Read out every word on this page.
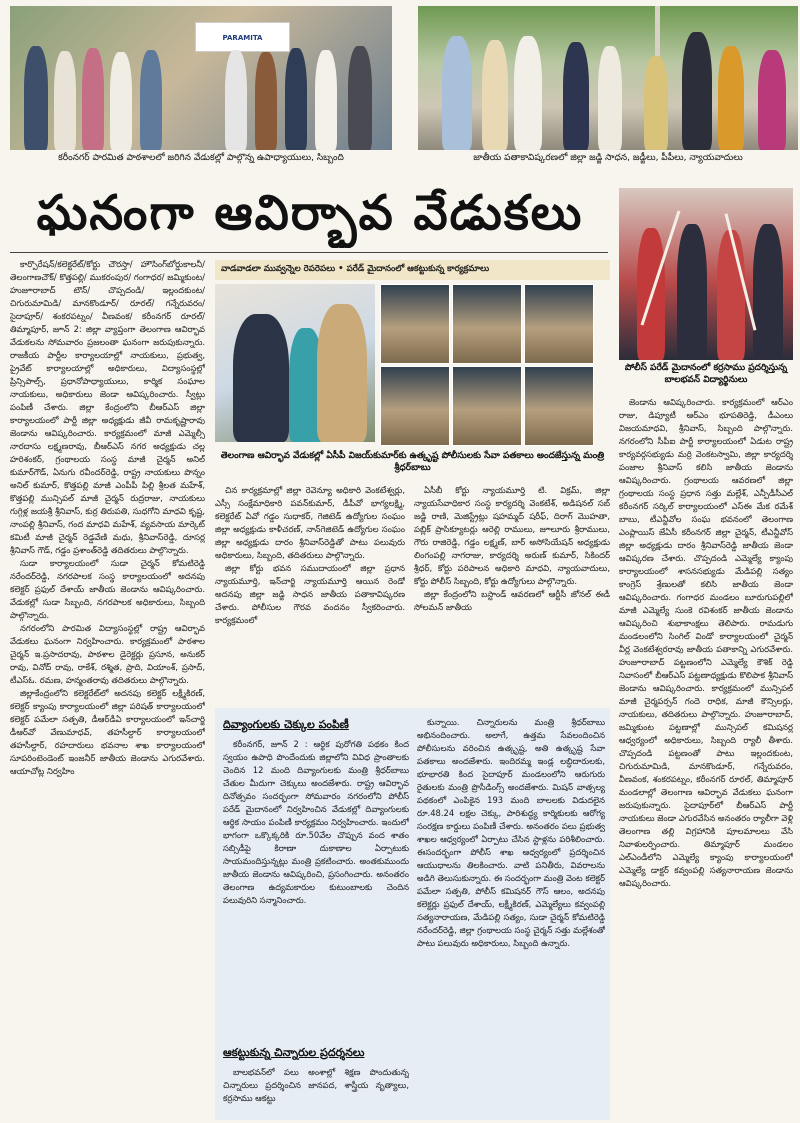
PARAMITA
కరీంనగర్ పారమిత పాఠశాలలో జరిగిన వేడుకల్లో పాల్గొన్న ఉపాధ్యాయులు, సిబ్బంది	జాతీయ పతాకావిష్కరణలో జిల్లా జడ్జి సాధన, జడ్జీలు, పీపీలు, న్యాయవాదులు
ఘనంగా ఆవిర్భావ వేడుకలు
పోలీస్ పరేడ్ మైదానంలో కర్రసాము ప్రదర్శిస్తున్న బాలభవన్ విద్యార్థినులు

కార్పొరేషన్/కలెక్టరేట్/కోర్టు చౌరస్తా/ హౌసింగ్‌బోర్డుకాలనీ/ తెలంగాణచౌక్/ కొత్తపల్లి/ ముకరంపుర/ గంగాధర/ జమ్మికుంట/ హుజూరాబాద్ టౌన్/ చొప్పదండి/ ఇల్లందకుంట/ చిగురుమామిడి/ మానకొండూర్/ రూరల్/ గన్నేరువరం/ సైదాపూర్/ శంకరపట్నం/ వీణవంక/ కరీంనగర్ రూరల్/ తిమ్మాపూర్, జూన్ 2: జిల్లా వ్యాప్తంగా తెలంగాణ ఆవిర్భావ వేడుకలను సోమవారం ప్రజలంతా ఘనంగా జరుపుకున్నారు. రాజకీయ పార్టీల కార్యాలయాల్లో నాయకులు, ప్రభుత్వ, ప్రైవేట్ కార్యాలయాల్లో అధికారులు, విద్యాసంస్థల్లో ప్రిన్సిపాల్స్, ప్రధానోపాధ్యాయులు, కార్మిక సంఘాల నాయకులు, అధికారులు జెండా ఆవిష్కరించారు. స్వీట్లు పంపిణీ చేశారు. జిల్లా కేంద్రంలోని బీఆర్ఎస్ జిల్లా కార్యాలయంలో పార్టీ జిల్లా అధ్యక్షుడు జీవీ రామకృష్ణారావు జెండాను ఆవిష్కరించారు. కార్యక్రమంలో మాజీ ఎమ్మెల్సీ నారదాసు లక్ష్మణరావు, బీఆర్ఎస్ నగర అధ్యక్షుడు చల్ల హరిశంకర్, గ్రంథాలయ సంస్థ మాజీ చైర్మన్ అనిల్ కుమార్‌గౌడ్, ఏనుగు రవీందర్‌రెడ్డి, రాష్ట్ర నాయకులు పొన్నం అనిల్ కుమార్, కొత్తపల్లి మాజీ ఎంపీపీ పిల్లి శ్రీలత మహేశ్, కొత్తపల్లి మున్సిపల్ మాజీ చైర్మన్ రుద్రరాజు, నాయకులు గుగ్గిళ్ల జయశ్రీ శ్రీనివాస్, కుర్ర తిరుపతి, సుధగోని మాధవి కృష్ణ, నాంపల్లి శ్రీనివాస్, గంద మాధవి మహేశ్, వ్యవసాయ మార్కెట్ కమిటీ మాజీ చైర్మన్ రెడ్డవేణి మధు, శ్రీనివాస్‌రెడ్డి, దూసర్ల శ్రీనివాస్ గౌడ్, గడ్డం ప్రశాంత్‌రెడ్డి తదితరులు పాల్గొన్నారు.

సుడా కార్యాలయంలో సుడా చైర్మన్ కోమటిరెడ్డి నరేందర్‌రెడ్డి, నగరపాలక సంస్థ కార్యాలయంలో అదనపు కలెక్టర్ ప్రఫుల్ దేశాయ్ జాతీయ జెండాను ఆవిష్కరించారు. వేడుకల్లో సుడా సిబ్బంది, నగరపాలక అధికారులు, సిబ్బంది పాల్గొన్నారు.

నగరంలోని పారమిత విద్యాసంస్థల్లో రాష్ట్ర ఆవిర్భావ వేడుకలు ఘనంగా నిర్వహించారు. కార్యక్రమంలో పాఠశాల చైర్మన్ ఇ.ప్రసాదరావు, పాఠశాల డైరెక్టర్లు ప్రసూన, అనుకర్ రావు, వినోద్ రావు, రాకేశ్, రశ్మిత, ప్రాది, వియాంశ్, ప్రసాద్, టీఎస్ఓ. రమణ, హన్మంతరావు తదితరులు పాల్గొన్నారు.

జిల్లాకేంద్రంలోని కలెక్టరేట్‌లో అదనపు కలెక్టర్ లక్ష్మీకిరణ్, కలెక్టర్ క్యాంపు కార్యాలయంలో జిల్లా పరిషత్ కార్యాలయంలో కలెక్టర్ పమేలా సత్పతి, డీఆర్‌డీఏ కార్యాలయంలో ఇన్‌చార్జి డీఆర్‌వో వేణుమాధవ్, తహసీల్దార్ కార్యాలయంలో తహసీల్దార్, రహదారులు భవనాల శాఖ కార్యాలయంలో సూపరింటెండెంట్ ఇంజనీర్ జాతీయ జెండాను ఎగురవేశారు. ఆయాచోట్ల నిర్వహిం

వాడవాడలా మువ్వన్నెల రెపరెపలు • పరేడ్ మైదానంలో ఆకట్టుకున్న కార్యక్రమాలు
తెలంగాణ ఆవిర్భావ వేడుకల్లో ఏసీపీ విజయ్‌కుమార్‌కు ఉత్కృష్ట పోలీసులకు సేవా పతకాలు అందజేస్తున్న మంత్రి శ్రీధర్‌బాబు

చిన కార్యక్రమాల్లో జిల్లా రెవెన్యూ అధికారి వెంకటేశ్వర్లు, ఎస్సీ సంక్షేమాధికారి పవన్‌కుమార్, డీపీవో భాగ్యలక్ష్మి, కలెక్టరేట్ ఏవో గడ్డం సుధాకర్, గెజిటెడ్ ఉద్యోగుల సంఘం జిల్లా అధ్యక్షుడు కాళీచరణ్, నాన్‌గెజిటెడ్ ఉద్యోగుల సంఘం జిల్లా అధ్యక్షుడు దారం శ్రీనివాస్‌రెడ్డితో పాటు పలువురు అధికారులు, సిబ్బంది, తదితరులు పాల్గొన్నారు.

జిల్లా కోర్టు భవన సముదాయంలో జిల్లా ప్రధాన న్యాయమూర్తి, ఇన్‌చార్జి న్యాయమూర్తి ఆయిన రెండో అదనపు జిల్లా జడ్జి సాధన జాతీయ పతాకావిష్కరణ చేశారు. పోలీసుల గౌరవ వందనం స్వీకరించారు. కార్యక్రమంలో

ఏసీబీ కోర్టు న్యాయమూర్తి టి. విక్రమ్, జిల్లా న్యాయసేవాధికార సంస్థ కార్యదర్శి వెంకటేశ్, అడిషనల్ సబ్ జడ్జి రాణి, మెజిస్ట్రేట్లు షహమ్మద్ షరీఫ్, దిరాగ్ మొహతా, పబ్లిక్ ప్రాసిక్యూటర్లు ఆరెల్లి రాములు, జూలూరు శ్రీరాములు, గౌరు రాజిరెడ్డి, గడ్డం లక్ష్మణ్, బార్ అసోసియేషన్ అధ్యక్షుడు లింగంపల్లి నాగరాజు, కార్యదర్శి అరుణ్ కుమార్, సికిందర్ శ్రీధర్, కోర్టు పరిపాలన అధికారి మాధవి, న్యాయవాదులు, కోర్టు పోలీస్ సిబ్బంది, కోర్టు ఉద్యోగులు పాల్గొన్నారు.

జిల్లా కేంద్రంలోని బస్టాండ్ ఆవరణలో ఆర్టీసీ జోనల్ ఈడీ సోలమన్ జాతీయ

దివ్యాంగులకు చెక్కుల పంపిణీ

కరీంనగర్, జూన్ 2 : ఆర్థిక పురోగతి పథకం కింద స్వయం ఉపాధి పొందేందుకు జిల్లాలోని వివిధ ప్రాంతాలకు చెందిన 12 మంది దివ్యాంగులకు మంత్రి శ్రీధర్‌బాబు చేతుల మీదుగా చెక్కులు అందజేశారు. రాష్ట్ర ఆవిర్భావ దినోత్సవం సందర్భంగా సోమవారం నగరంలోని పోలీస్ పరేడ్ మైదానంలో నిర్వహించిన వేడుకల్లో దివ్యాంగులకు ఆర్థిక సాయం పంపిణీ కార్యక్రమం నిర్వహించారు. ఇందులో భాగంగా ఒక్కొక్కరికి రూ.50వేల చొప్పున వంద శాతం సబ్సిడీపై కిరాణా దుకాణాల ఏర్పాటుకు సాయమందిస్తున్నట్లు మంత్రి ప్రకటించారు. అంతకుముందు జాతీయ జెండాను ఆవిష్కరించి, ప్రసంగించారు. అనంతరం తెలంగాణ ఉద్యమకారుల కుటుంబాలకు చెందిన పలువురిని సన్మానించారు.

ఆకట్టుకున్న చిన్నారుల ప్రదర్శనలు

బాలభవన్‌లో పలు అంశాల్లో శిక్షణ పొందుతున్న చిన్నారులు ప్రదర్శించిన జానపద, శాస్త్రీయ నృత్యాలు, కర్రసాము ఆకట్టు

కున్నాయి. చిన్నారులను మంత్రి శ్రీధర్‌బాబు అభినందించారు. అలాగే, ఉత్తమ సేవలందించిన పోలీసులను వరించిన ఉత్కృష్ట, అతి ఉత్కృష్ట సేవా పతకాలు అందజేశారు. ఇందిరమ్మ ఇండ్ల లబ్ధిదారులకు, భూభారతి కింద సైదాపూర్ మండలంలోని ఆరుగురు రైతులకు మంత్రి ప్రొసీడింగ్స్ అందజేశారు. మిషన్ వాత్సల్య పథకంలో ఎంపికైన 193 మంది బాలలకు విడుదలైన రూ.48.24 లక్షల చెక్కు, పారిశుద్ధ్య కార్మికులకు ఆరోగ్య సంరక్షణ కార్డులు పంపిణీ చేశారు. అనంతరం పలు ప్రభుత్వ శాఖల ఆధ్వర్యంలో ఏర్పాటు చేసిన స్టాళ్లను పరిశీలించారు. ఈసందర్భంగా పోలీస్ శాఖ ఆధ్వర్యంలో ప్రదర్శించిన ఆయుధాలను తిలకించారు. వాటి పనితీరు, వివరాలను అడిగి తెలుసుకున్నారు. ఈ సందర్భంగా మంత్రి వెంట కలెక్టర్ పమేలా సత్పతి, పోలీస్ కమిషనర్ గౌస్ ఆలం, అదనపు కలెక్టర్లు ప్రఫుల్ దేశాయ్, లక్ష్మీకిరణ్, ఎమ్మెల్యేలు కవ్వంపల్లి సత్యనారాయణ, మేడిపల్లి సత్యం, సుడా చైర్మన్ కోమటిరెడ్డి నరేందర్‌రెడ్డి, జిల్లా గ్రంథాలయ సంస్థ చైర్మన్ సత్తు మల్లేశంతో పాటు పలువురు అధికారులు, సిబ్బంది ఉన్నారు.

జెండాను ఆవిష్కరించారు. కార్యక్రమంలో ఆర్‌ఎం రాజు, డిప్యూటీ ఆర్ఎం భూపతిరెడ్డి, డీఎంలు విజయమాధవి, శ్రీనివాస్, సిబ్బంది పాల్గొన్నారు. నగరంలోని సీపీఐ పార్టీ కార్యాలయంలో ఏడుట రాష్ట్ర కార్యవర్గసభ్యుడు మర్రి వెంకటస్వామి, జిల్లా కార్యదర్శి పంజాల శ్రీనివాస్ కలిసి జాతీయ జెండాను ఆవిష్కరించారు. గ్రంథాలయ ఆవరణలో జిల్లా గ్రంథాలయ సంస్థ ప్రధాన సత్తు మల్లేశ్, ఎన్పీడీసీఎల్ కరీంనగర్ సర్కిల్ కార్యాలయంలో ఎస్ఈ మేక రమేశ్ బాబు, టీఎన్జీవోల సంఘ భవనంలో తెలంగాణ ఎంప్లాయిస్ జేఏసీ కరీంనగర్ జిల్లా చైర్మన్, టీఎన్జీవోస్ జిల్లా అధ్యక్షుడు దారం శ్రీనివాస్‌రెడ్డి జాతీయ జెండా ఆవిష్కరణ చేశారు. చొప్పదండి ఎమ్మెల్యే క్యాంపు కార్యాలయంలో శాసనసభ్యుడు మేడిపల్లి సత్యం కాంగ్రెస్ శ్రేణులతో కలిసి జాతీయ జెండా ఆవిష్కరించారు. గంగాధర మండలం బూరుగుపల్లిలో మాజీ ఎమ్మెల్యే సుంకె రవిశంకర్ జాతీయ జెండాను ఆవిష్కరించి శుభాకాంక్షలు తెలిపారు. రామడుగు మండలంలోని సింగిల్ విండో కార్యాలయంలో చైర్మన్ వీర్ల వెంకటేశ్వరరావు జాతీయ పతాకాన్ని ఎగురవేశారు. హుజూరాబాద్ పట్టణంలోని ఎమ్మెల్యే కౌశిక్ రెడ్డి నివాసంలో బీఆర్ఎస్ పట్టణాధ్యక్షుడు కొలిపాక శ్రీనివాస్ జెండాను ఆవిష్కరించారు. కార్యక్రమంలో మున్సిపల్ మాజీ చైర్మపర్సన్ గందె రాధిక, మాజీ కౌన్సిలర్లు, నాయకులు, తదితరులు పాల్గొన్నారు. హుజూరాబాద్, జమ్మికుంట పట్టణాల్లో మున్సిపల్ కమిషనర్ల ఆధ్వర్యంలో అధికారులు, సిబ్బంది ర్యాలీ తీశారు. చొప్పదండి పట్టణంతో పాటు ఇల్లందకుంట, చిగురుమామిడి, మానకొండూర్, గన్నేరువరం, వీణవంక, శంకరపట్నం, కరీంనగర్ రూరల్, తిమ్మాపూర్ మండలాల్లో తెలంగాణ ఆవిర్భావ వేడుకలు ఘనంగా జరుపుకున్నారు. సైదాపూర్‌లో బీఆర్ఎస్ పార్టీ నాయకులు జెండా ఎగురవేసిన అనంతరం ర్యాలీగా వెళ్లి తెలంగాణ తల్లి విగ్రహానికి పూలమాలలు వేసి నివాళులర్పించారు. తిమ్మాపూర్ మండలం ఎల్ఎండీలోని ఎమ్మెల్యే క్యాంపు కార్యాలయంలో ఎమ్మెల్యే డాక్టర్ కవ్వంపల్లి సత్యనారాయణ జెండాను ఆవిష్కరించారు.
